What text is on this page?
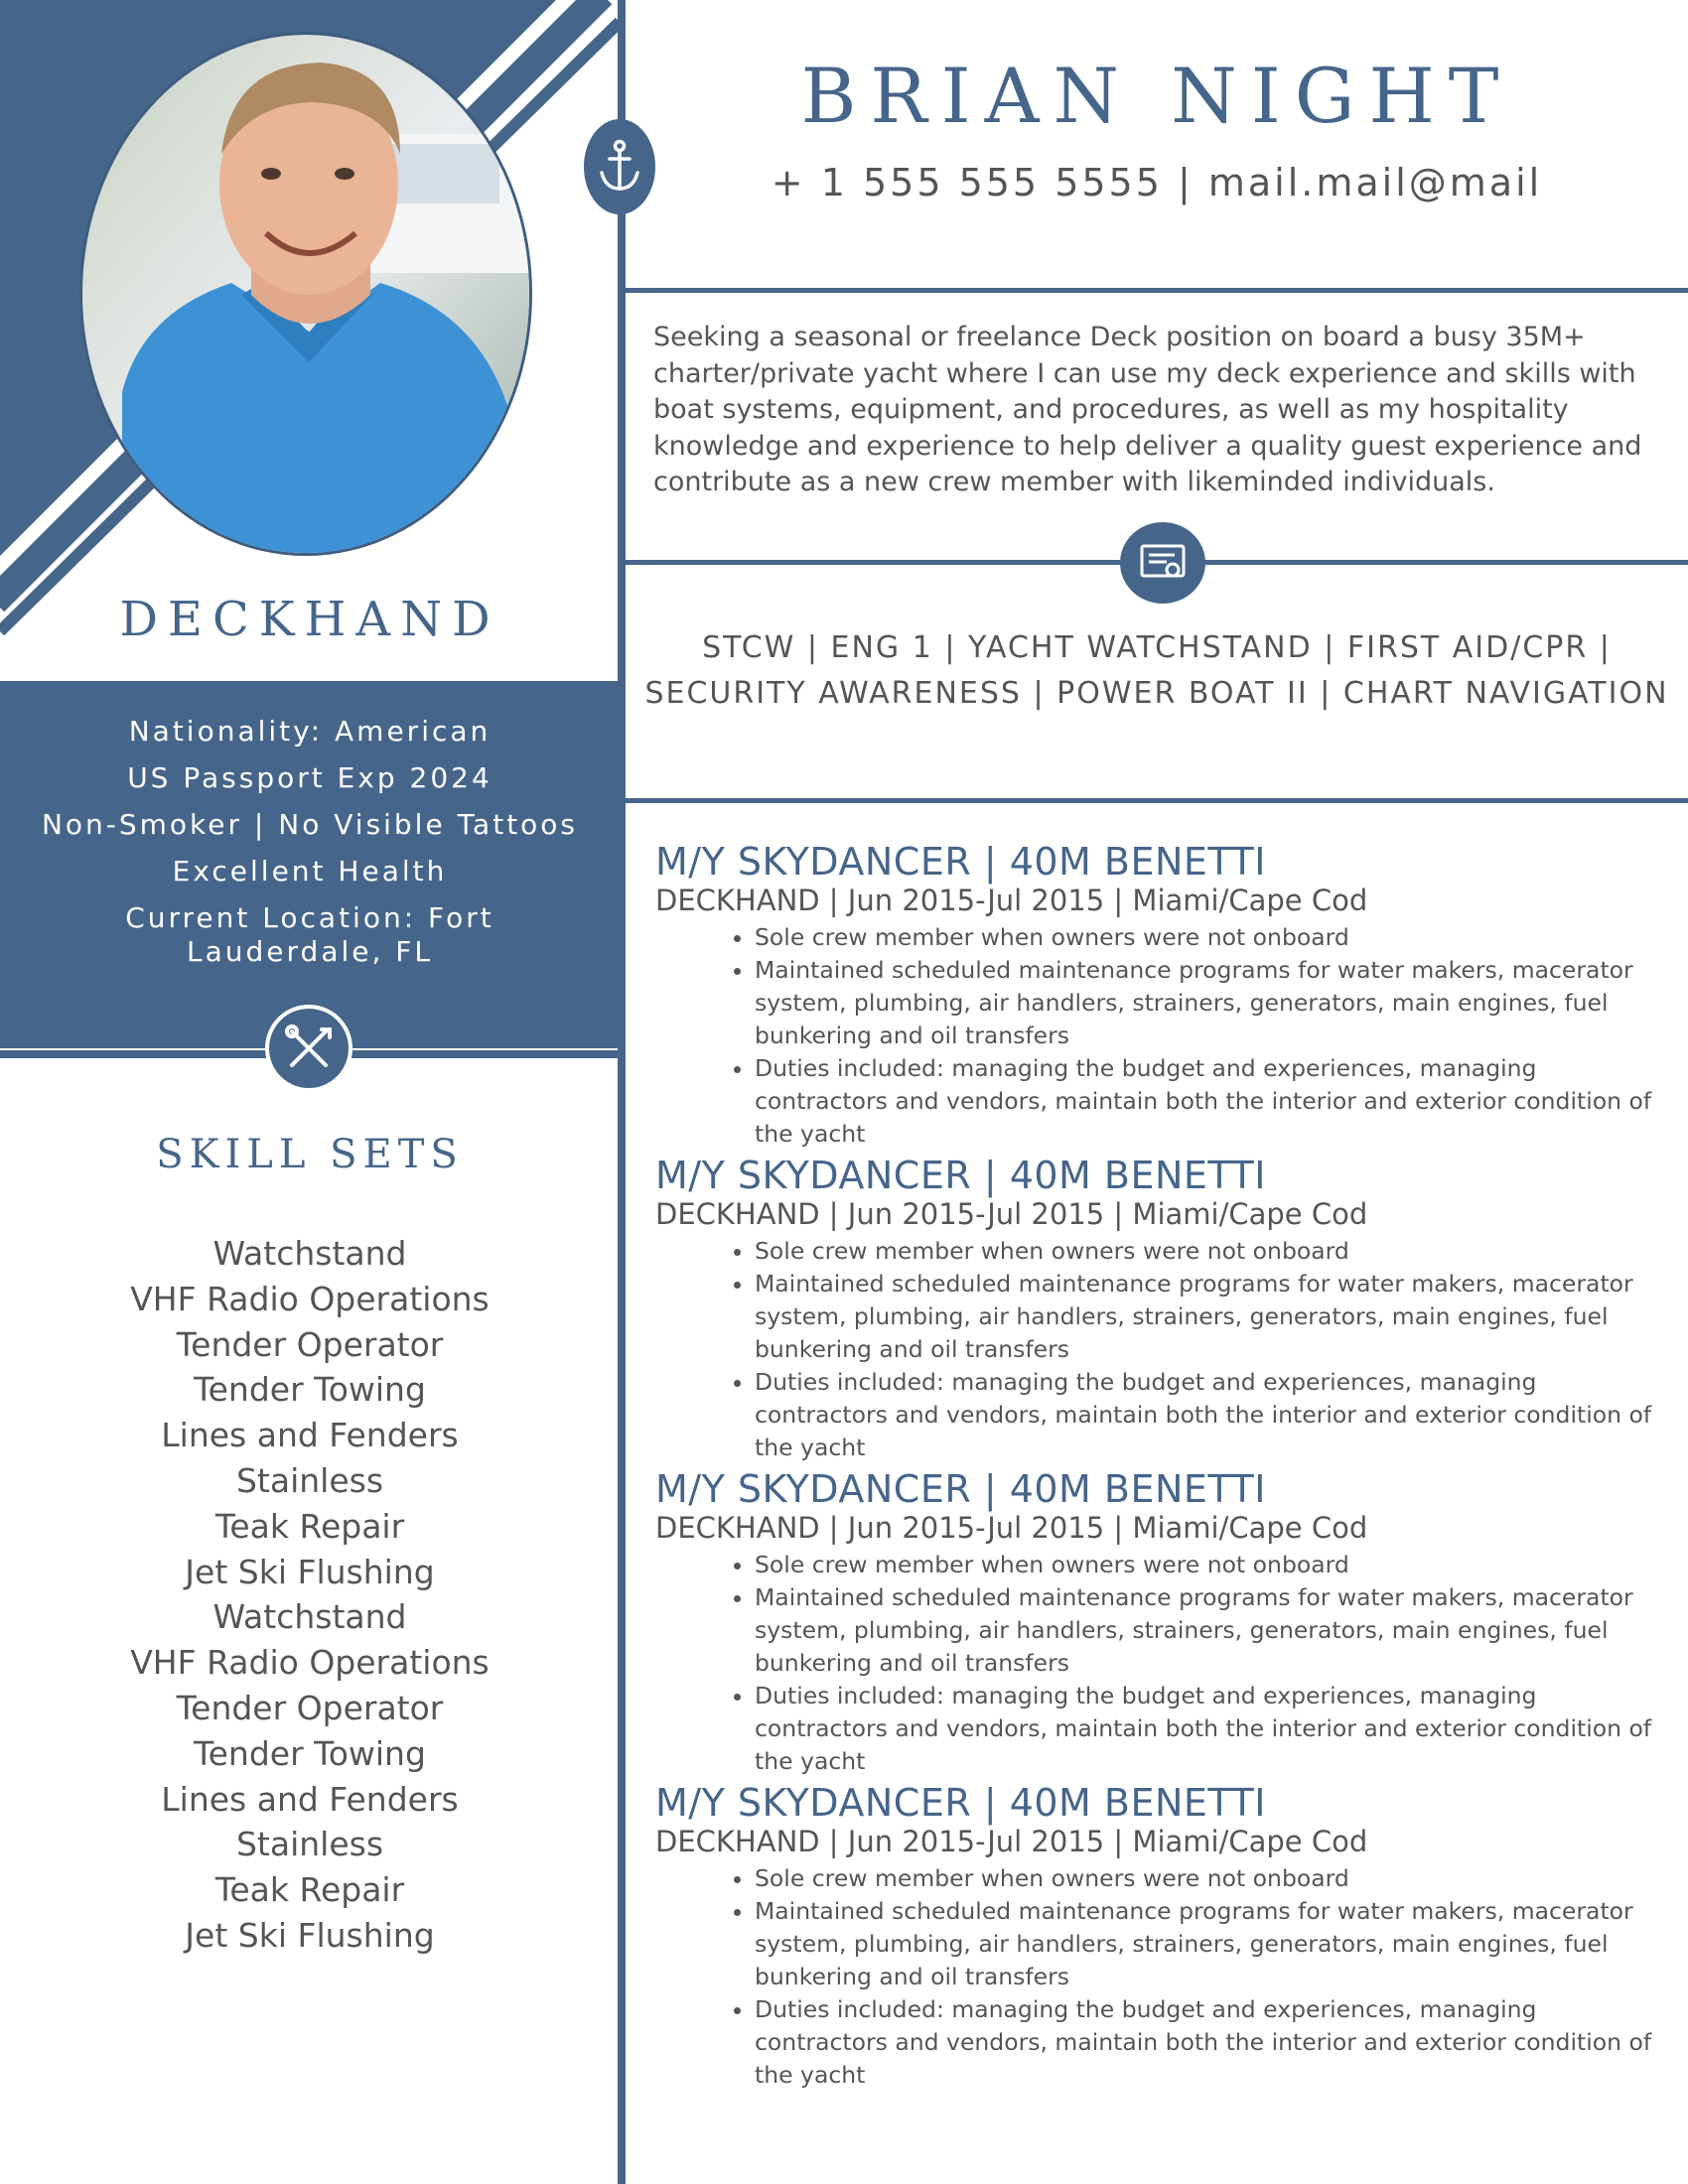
DECKHAND
Nationality: American
US Passport Exp 2024
Non-Smoker | No Visible Tattoos
Excellent Health
Current Location: Fort Lauderdale, FL
SKILL SETS
Watchstand
VHF Radio Operations
Tender Operator
Tender Towing
Lines and Fenders
Stainless
Teak Repair
Jet Ski Flushing
Watchstand
VHF Radio Operations
Tender Operator
Tender Towing
Lines and Fenders
Stainless
Teak Repair
Jet Ski Flushing
BRIAN NIGHT
+ 1 555 555 5555 | mail.mail@mail
Seeking a seasonal or freelance Deck position on board a busy 35M+ charter/private yacht where I can use my deck experience and skills with boat systems, equipment, and procedures, as well as my hospitality knowledge and experience to help deliver a quality guest experience and contribute as a new crew member with likeminded individuals.
STCW | ENG 1 | YACHT WATCHSTAND | FIRST AID/CPR |
SECURITY AWARENESS | POWER BOAT II | CHART NAVIGATION
M/Y SKYDANCER | 40M BENETTI
DECKHAND | Jun 2015-Jul 2015 | Miami/Cape Cod
• Sole crew member when owners were not onboard
• Maintained scheduled maintenance programs for water makers, macerator system, plumbing, air handlers, strainers, generators, main engines, fuel bunkering and oil transfers
• Duties included: managing the budget and experiences, managing contractors and vendors, maintain both the interior and exterior condition of the yacht
M/Y SKYDANCER | 40M BENETTI
DECKHAND | Jun 2015-Jul 2015 | Miami/Cape Cod
• Sole crew member when owners were not onboard
• Maintained scheduled maintenance programs for water makers, macerator system, plumbing, air handlers, strainers, generators, main engines, fuel bunkering and oil transfers
• Duties included: managing the budget and experiences, managing contractors and vendors, maintain both the interior and exterior condition of the yacht
M/Y SKYDANCER | 40M BENETTI
DECKHAND | Jun 2015-Jul 2015 | Miami/Cape Cod
• Sole crew member when owners were not onboard
• Maintained scheduled maintenance programs for water makers, macerator system, plumbing, air handlers, strainers, generators, main engines, fuel bunkering and oil transfers
• Duties included: managing the budget and experiences, managing contractors and vendors, maintain both the interior and exterior condition of the yacht
M/Y SKYDANCER | 40M BENETTI
DECKHAND | Jun 2015-Jul 2015 | Miami/Cape Cod
• Sole crew member when owners were not onboard
• Maintained scheduled maintenance programs for water makers, macerator system, plumbing, air handlers, strainers, generators, main engines, fuel bunkering and oil transfers
• Duties included: managing the budget and experiences, managing contractors and vendors, maintain both the interior and exterior condition of the yacht
